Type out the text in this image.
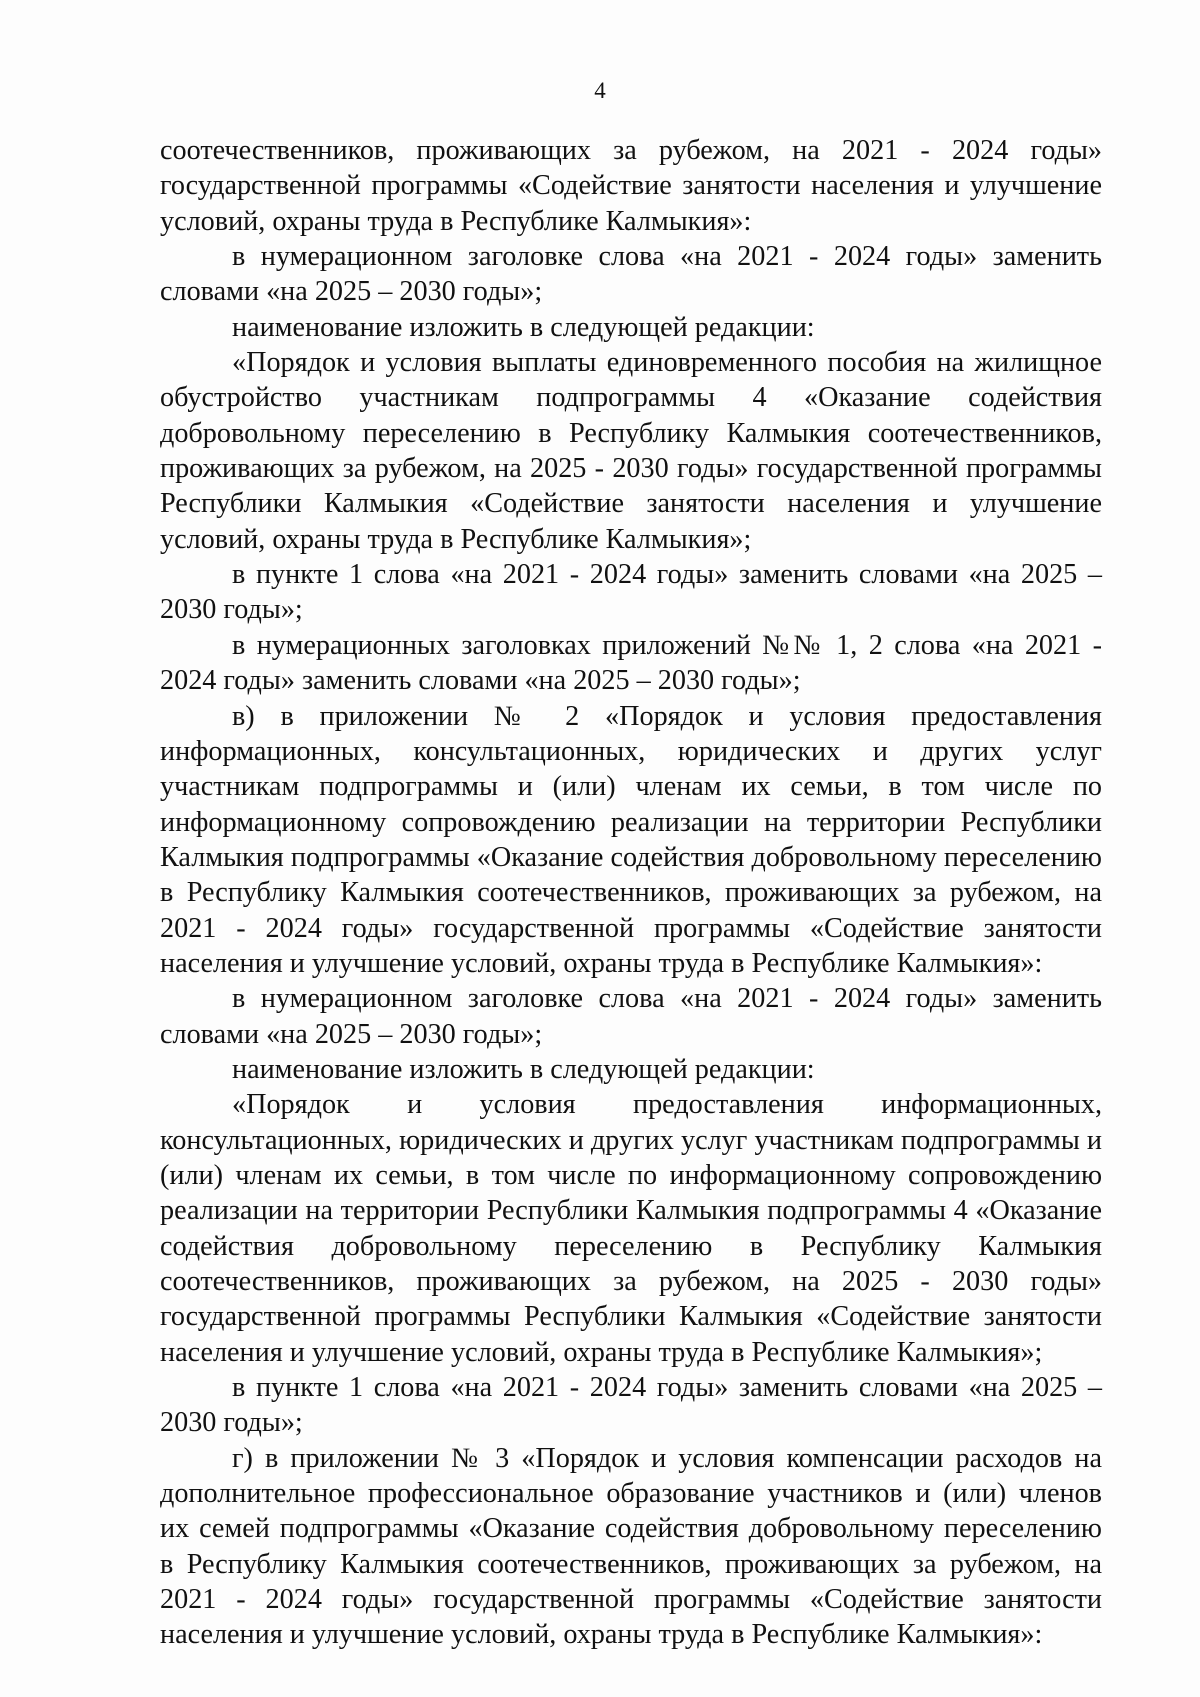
4

соотечественников, проживающих за рубежом, на 2021 - 2024 годы» государственной программы «Содействие занятости населения и улучшение условий, охраны труда в Республике Калмыкия»:

в нумерационном заголовке слова «на 2021 - 2024 годы» заменить словами «на 2025 – 2030 годы»;

наименование изложить в следующей редакции:

«Порядок и условия выплаты единовременного пособия на жилищное обустройство участникам подпрограммы 4 «Оказание содействия добровольному переселению в Республику Калмыкия соотечественников, проживающих за рубежом, на 2025 - 2030 годы» государственной программы Республики Калмыкия «Содействие занятости населения и улучшение условий, охраны труда в Республике Калмыкия»;

в пункте 1 слова «на 2021 - 2024 годы» заменить словами «на 2025 – 2030 годы»;

в нумерационных заголовках приложений №№ 1, 2 слова «на 2021 - 2024 годы» заменить словами «на 2025 – 2030 годы»;

в) в приложении № 2 «Порядок и условия предоставления информационных, консультационных, юридических и других услуг участникам подпрограммы и (или) членам их семьи, в том числе по информационному сопровождению реализации на территории Республики Калмыкия подпрограммы «Оказание содействия добровольному переселению в Республику Калмыкия соотечественников, проживающих за рубежом, на 2021 - 2024 годы» государственной программы «Содействие занятости населения и улучшение условий, охраны труда в Республике Калмыкия»:

в нумерационном заголовке слова «на 2021 - 2024 годы» заменить словами «на 2025 – 2030 годы»;

наименование изложить в следующей редакции:

«Порядок и условия предоставления информационных, консультационных, юридических и других услуг участникам подпрограммы и (или) членам их семьи, в том числе по информационному сопровождению реализации на территории Республики Калмыкия подпрограммы 4 «Оказание содействия добровольному переселению в Республику Калмыкия соотечественников, проживающих за рубежом, на 2025 - 2030 годы» государственной программы Республики Калмыкия «Содействие занятости населения и улучшение условий, охраны труда в Республике Калмыкия»;

в пункте 1 слова «на 2021 - 2024 годы» заменить словами «на 2025 – 2030 годы»;

г) в приложении № 3 «Порядок и условия компенсации расходов на дополнительное профессиональное образование участников и (или) членов их семей подпрограммы «Оказание содействия добровольному переселению в Республику Калмыкия соотечественников, проживающих за рубежом, на 2021 - 2024 годы» государственной программы «Содействие занятости населения и улучшение условий, охраны труда в Республике Калмыкия»:
